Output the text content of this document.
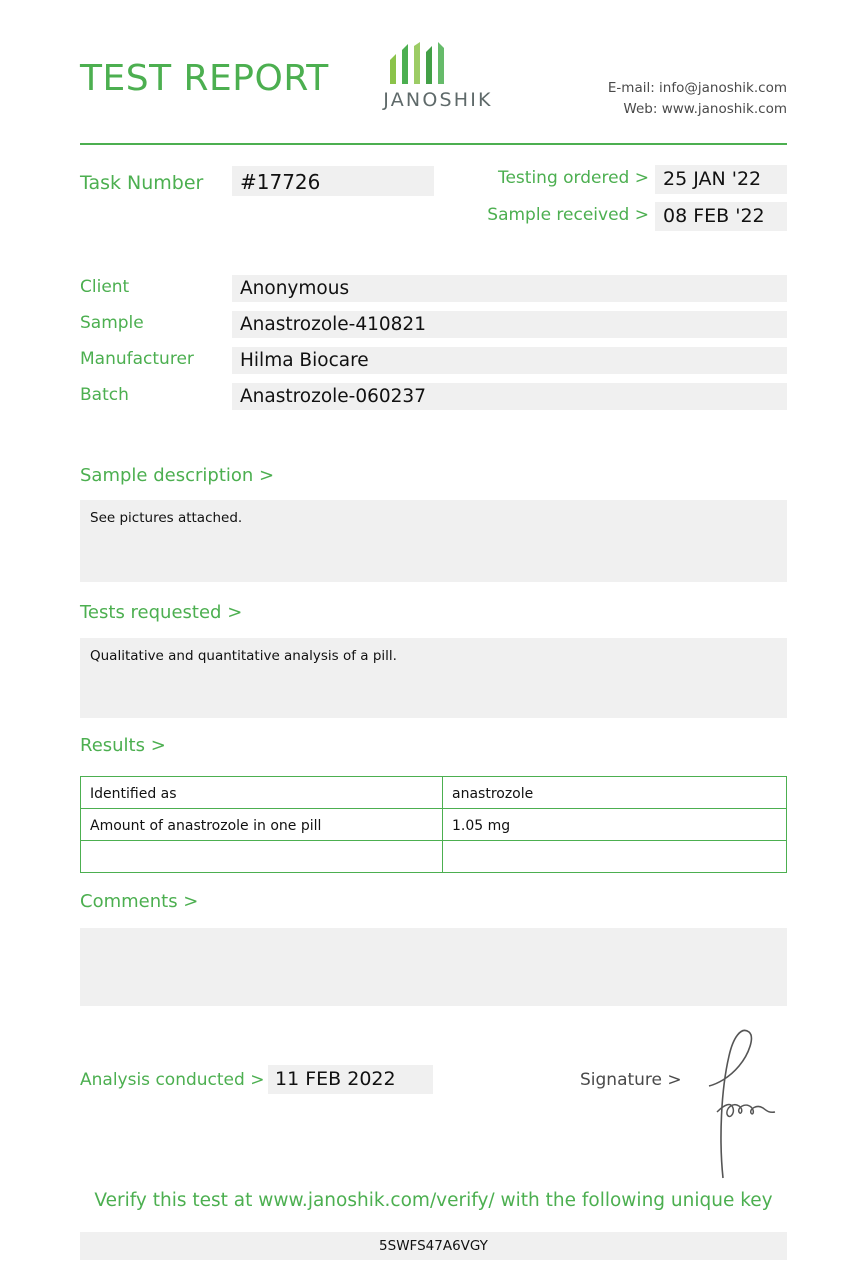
TEST REPORT
JANOSHIK
E-mail: info@janoshik.com
Web: www.janoshik.com
Task Number	#17726	Testing ordered > 25 JAN '22
Sample received > 08 FEB '22
Client	Anonymous
Sample	Anastrozole-410821
Manufacturer	Hilma Biocare
Batch	Anastrozole-060237
Sample description >
See pictures attached.
Tests requested >
Qualitative and quantitative analysis of a pill.
Results >
Identified as	anastrozole
Amount of anastrozole in one pill	1.05 mg

Comments >
Analysis conducted > 11 FEB 2022	Signature >
Verify this test at www.janoshik.com/verify/ with the following unique key
5SWFS47A6VGY
